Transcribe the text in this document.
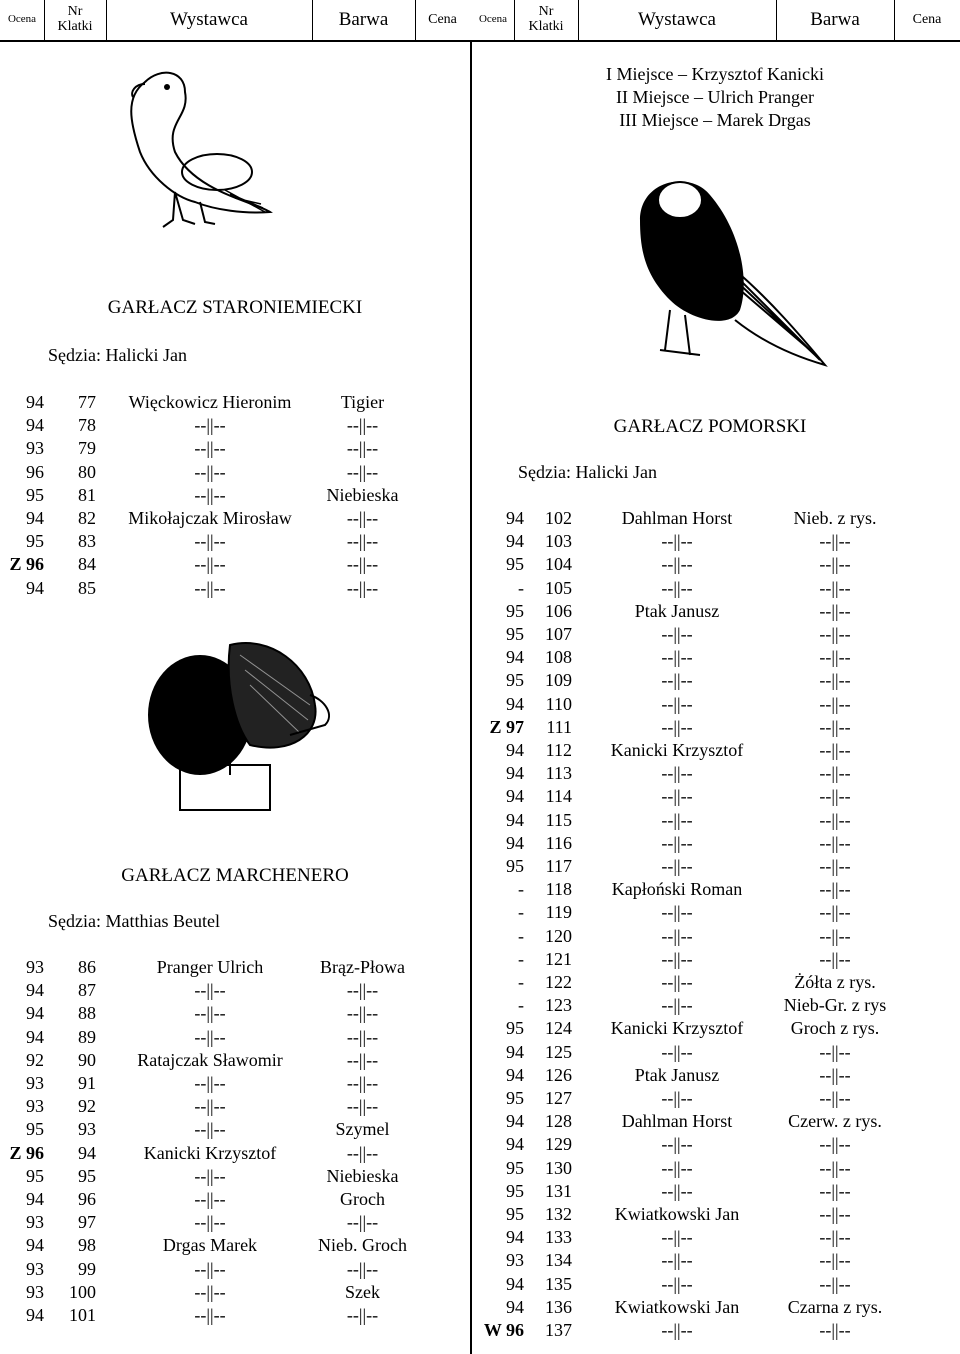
Ocena	Nr
Klatki	Wystawca	Barwa	Cena	Ocena	Nr
Klatki	Wystawca	Barwa	Cena
I Miejsce – Krzysztof Kanicki
II Miejsce – Ulrich Pranger
III Miejsce – Marek Drgas
GARŁACZ STARONIEMIECKI
Sędzia: Halicki Jan
94	77	Więckowicz Hieronim	Tigier
94	78	--||--	--||--
93	79	--||--	--||--
96	80	--||--	--||--
95	81	--||--	Niebieska
94	82	Mikołajczak Mirosław	--||--
95	83	--||--	--||--
Z 96	84	--||--	--||--
94	85	--||--	--||--
GARŁACZ MARCHENERO
Sędzia: Matthias Beutel
93	86	Pranger Ulrich	Brąz-Płowa
94	87	--||--	--||--
94	88	--||--	--||--
94	89	--||--	--||--
92	90	Ratajczak Sławomir	--||--
93	91	--||--	--||--
93	92	--||--	--||--
95	93	--||--	Szymel
Z 96	94	Kanicki Krzysztof	--||--
95	95	--||--	Niebieska
94	96	--||--	Groch
93	97	--||--	--||--
94	98	Drgas Marek	Nieb. Groch
93	99	--||--	--||--
93 100	--||--	Szek
94 101	--||--	--||--
GARŁACZ POMORSKI
Sędzia: Halicki Jan
94	102	Dahlman Horst	Nieb. z rys.
94	103	--||--	--||--
95	104	--||--	--||--
-	105	--||--	--||--
95	106	Ptak Janusz	--||--
95	107	--||--	--||--
94	108	--||--	--||--
95	109	--||--	--||--
94	110	--||--	--||--
Z 97	111	--||--	--||--
94	112	Kanicki Krzysztof	--||--
94	113	--||--	--||--
94	114	--||--	--||--
94	115	--||--	--||--
94	116	--||--	--||--
95	117	--||--	--||--
-	118	Kapłoński Roman	--||--
-	119	--||--	--||--
-	120	--||--	--||--
-	121	--||--	--||--
-	122	--||--	Żółta z rys.
-	123	--||--	Nieb-Gr. z rys
95	124	Kanicki Krzysztof	Groch z rys.
94	125	--||--	--||--
94	126	Ptak Janusz	--||--
95	127	--||--	--||--
94	128	Dahlman Horst	Czerw. z rys.
94	129	--||--	--||--
95	130	--||--	--||--
95	131	--||--	--||--
95	132	Kwiatkowski Jan	--||--
94	133	--||--	--||--
93	134	--||--	--||--
94	135	--||--	--||--
94	136	Kwiatkowski Jan	Czarna z rys.
W 96	137	--||--	--||--
